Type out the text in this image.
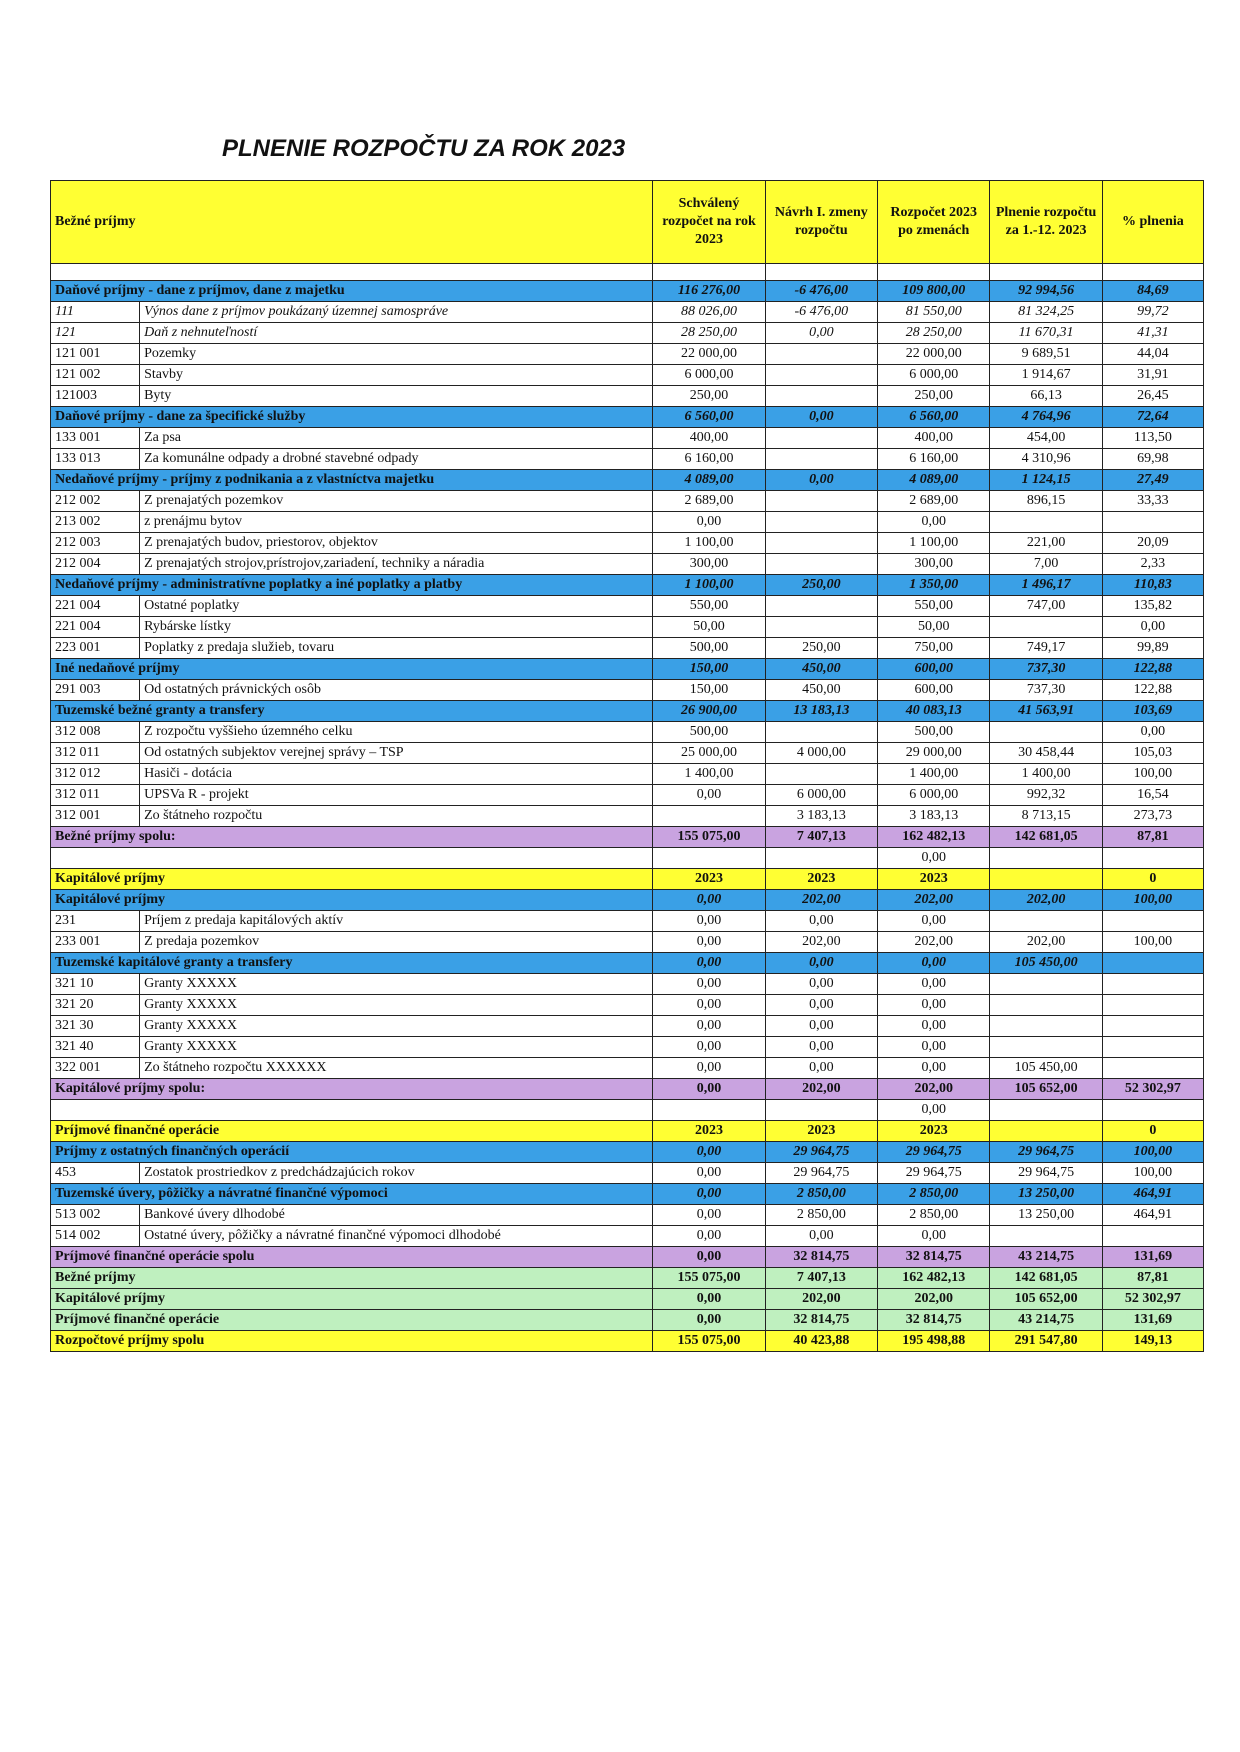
PLNENIE ROZPOČTU ZA ROK 2023
Bežné príjmy		Schválený rozpočet na rok 2023	Návrh I. zmeny rozpočtu	Rozpočet 2023 po zmenách	Plnenie rozpočtu za 1.-12. 2023	% plnenia

Daňové príjmy - dane z príjmov, dane z majetku		116 276,00	-6 476,00	109 800,00	92 994,56	84,69
111	Výnos dane z príjmov poukázaný územnej samospráve	88 026,00	-6 476,00	81 550,00	81 324,25	99,72
121	Daň z nehnuteľností	28 250,00	0,00	28 250,00	11 670,31	41,31
121 001	Pozemky	22 000,00		22 000,00	9 689,51	44,04
121 002	Stavby	6 000,00		6 000,00	1 914,67	31,91
121003	Byty	250,00		250,00	66,13	26,45
Daňové príjmy - dane za špecifické služby		6 560,00	0,00	6 560,00	4 764,96	72,64
133 001	Za psa	400,00		400,00	454,00	113,50
133 013	Za komunálne odpady a drobné stavebné odpady	6 160,00		6 160,00	4 310,96	69,98
Nedaňové príjmy - príjmy z podnikania a z vlastníctva majetku		4 089,00	0,00	4 089,00	1 124,15	27,49
212 002	Z prenajatých pozemkov	2 689,00		2 689,00	896,15	33,33
213 002	z prenájmu bytov	0,00		0,00		
212 003	Z prenajatých budov, priestorov, objektov	1 100,00		1 100,00	221,00	20,09
212 004	Z prenajatých strojov,prístrojov,zariadení, techniky a náradia	300,00		300,00	7,00	2,33
Nedaňové príjmy - administratívne poplatky a iné poplatky a platby		1 100,00	250,00	1 350,00	1 496,17	110,83
221 004	Ostatné poplatky	550,00		550,00	747,00	135,82
221 004	Rybárske lístky	50,00		50,00		0,00
223 001	Poplatky z predaja služieb, tovaru	500,00	250,00	750,00	749,17	99,89
Iné nedaňové príjmy		150,00	450,00	600,00	737,30	122,88
291 003	Od ostatných právnických osôb	150,00	450,00	600,00	737,30	122,88
Tuzemské bežné granty a transfery		26 900,00	13 183,13	40 083,13	41 563,91	103,69
312 008	Z rozpočtu vyššieho územného celku	500,00		500,00		0,00
312 011	Od ostatných subjektov verejnej správy – TSP	25 000,00	4 000,00	29 000,00	30 458,44	105,03
312 012	Hasiči - dotácia	1 400,00		1 400,00	1 400,00	100,00
312 011	UPSVa R - projekt	0,00	6 000,00	6 000,00	992,32	16,54
312 001	Zo štátneho rozpočtu		3 183,13	3 183,13	8 713,15	273,73
Bežné príjmy spolu:		155 075,00	7 407,13	162 482,13	142 681,05	87,81
				0,00		
Kapitálové príjmy		2023	2023	2023		0
Kapitálové príjmy		0,00	202,00	202,00	202,00	100,00
231	Príjem z predaja kapitálových aktív	0,00	0,00	0,00		
233 001	Z predaja pozemkov	0,00	202,00	202,00	202,00	100,00
Tuzemské kapitálové granty a transfery		0,00	0,00	0,00	105 450,00	
321 10	Granty XXXXX	0,00	0,00	0,00		
321 20	Granty XXXXX	0,00	0,00	0,00		
321 30	Granty XXXXX	0,00	0,00	0,00		
321 40	Granty XXXXX	0,00	0,00	0,00		
322 001	Zo štátneho rozpočtu XXXXXX	0,00	0,00	0,00	105 450,00	
Kapitálové príjmy spolu:		0,00	202,00	202,00	105 652,00	52 302,97
				0,00		
Príjmové finančné operácie		2023	2023	2023		0
Príjmy z ostatných finančných operácií		0,00	29 964,75	29 964,75	29 964,75	100,00
453	Zostatok prostriedkov z predchádzajúcich rokov	0,00	29 964,75	29 964,75	29 964,75	100,00
Tuzemské úvery, pôžičky a návratné finančné výpomoci		0,00	2 850,00	2 850,00	13 250,00	464,91
513 002	Bankové úvery dlhodobé	0,00	2 850,00	2 850,00	13 250,00	464,91
514 002	Ostatné úvery, pôžičky a návratné finančné výpomoci dlhodobé	0,00	0,00	0,00		
Príjmové finančné operácie spolu		0,00	32 814,75	32 814,75	43 214,75	131,69
Bežné príjmy		155 075,00	7 407,13	162 482,13	142 681,05	87,81
Kapitálové príjmy		0,00	202,00	202,00	105 652,00	52 302,97
Príjmové finančné operácie		0,00	32 814,75	32 814,75	43 214,75	131,69
Rozpočtové príjmy spolu		155 075,00	40 423,88	195 498,88	291 547,80	149,13
